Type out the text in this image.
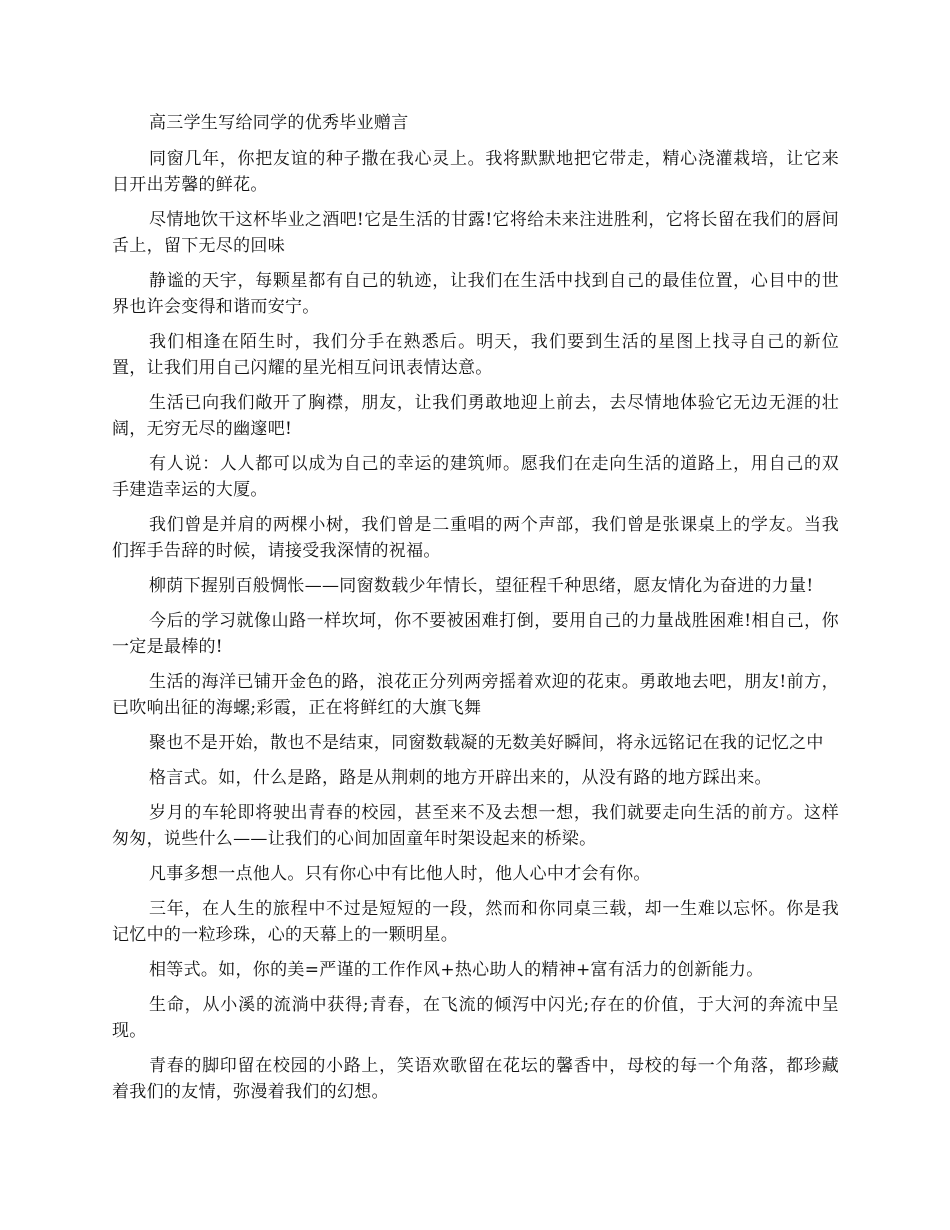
高三学生写给同学的优秀毕业赠言

同窗几年，你把友谊的种子撒在我心灵上。我将默默地把它带走，精心浇灌栽培，让它来日开出芳馨的鲜花。

尽情地饮干这杯毕业之酒吧!它是生活的甘露!它将给未来注进胜利，它将长留在我们的唇间舌上，留下无尽的回味

静谧的天宇，每颗星都有自己的轨迹，让我们在生活中找到自己的最佳位置，心目中的世界也许会变得和谐而安宁。

我们相逢在陌生时，我们分手在熟悉后。明天，我们要到生活的星图上找寻自己的新位置，让我们用自己闪耀的星光相互问讯表情达意。

生活已向我们敞开了胸襟，朋友，让我们勇敢地迎上前去，去尽情地体验它无边无涯的壮阔，无穷无尽的幽邃吧!

有人说：人人都可以成为自己的幸运的建筑师。愿我们在走向生活的道路上，用自己的双手建造幸运的大厦。

我们曾是并肩的两棵小树，我们曾是二重唱的两个声部，我们曾是张课桌上的学友。当我们挥手告辞的时候，请接受我深情的祝福。

柳荫下握别百般惆怅——同窗数载少年情长，望征程千种思绪，愿友情化为奋进的力量!

今后的学习就像山路一样坎坷，你不要被困难打倒，要用自己的力量战胜困难!相自己，你一定是最棒的!

生活的海洋已铺开金色的路，浪花正分列两旁摇着欢迎的花束。勇敢地去吧，朋友!前方，已吹响出征的海螺;彩霞，正在将鲜红的大旗飞舞

聚也不是开始，散也不是结束，同窗数载凝的无数美好瞬间，将永远铭记在我的记忆之中

格言式。如，什么是路，路是从荆刺的地方开辟出来的，从没有路的地方踩出来。

岁月的车轮即将驶出青春的校园，甚至来不及去想一想，我们就要走向生活的前方。这样匆匆，说些什么——让我们的心间加固童年时架设起来的桥梁。

凡事多想一点他人。只有你心中有比他人时，他人心中才会有你。

三年，在人生的旅程中不过是短短的一段，然而和你同桌三载，却一生难以忘怀。你是我记忆中的一粒珍珠，心的天幕上的一颗明星。

相等式。如，你的美=严谨的工作作风+热心助人的精神+富有活力的创新能力。

生命，从小溪的流淌中获得;青春，在飞流的倾泻中闪光;存在的价值，于大河的奔流中呈现。

青春的脚印留在校园的小路上，笑语欢歌留在花坛的馨香中，母校的每一个角落，都珍藏着我们的友情，弥漫着我们的幻想。
